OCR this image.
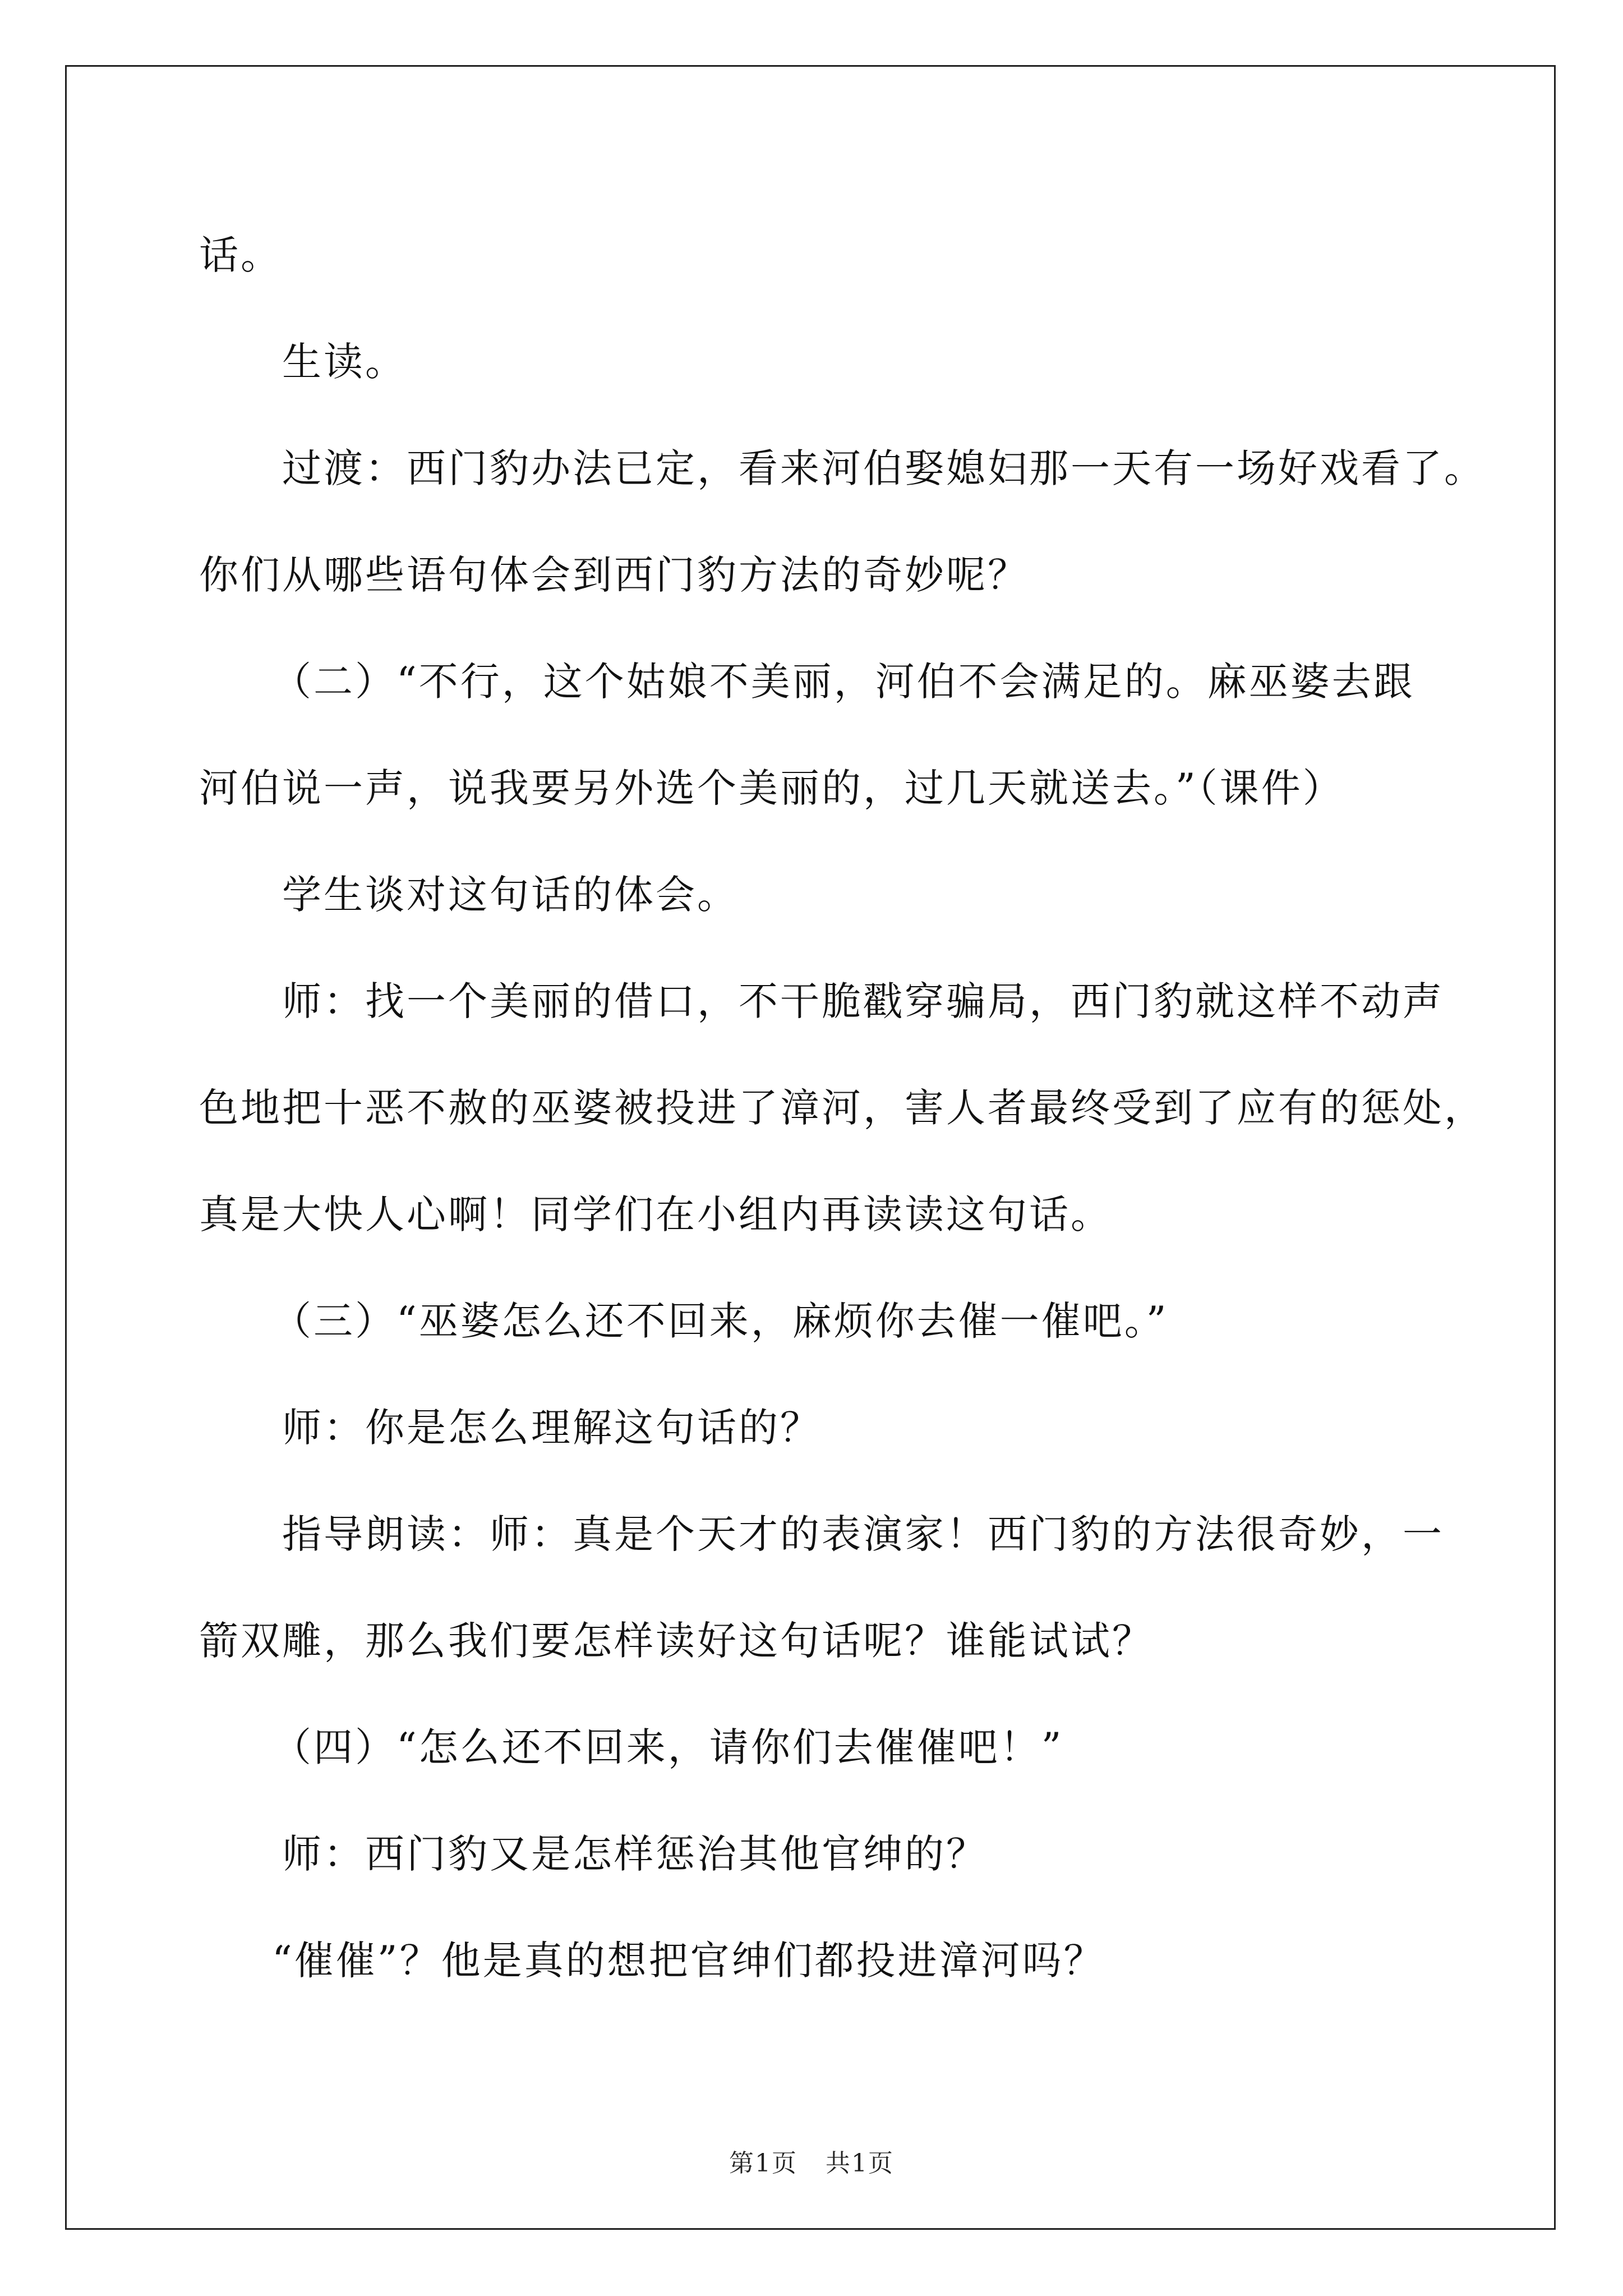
话。

生读。

过渡：西门豹办法已定，看来河伯娶媳妇那一天有一场好戏看了。

你们从哪些语句体会到西门豹方法的奇妙呢？

（二）“不行，这个姑娘不美丽，河伯不会满足的。麻巫婆去跟

河伯说一声，说我要另外选个美丽的，过几天就送去。”（课件）

学生谈对这句话的体会。

师：找一个美丽的借口，不干脆戳穿骗局，西门豹就这样不动声

色地把十恶不赦的巫婆被投进了漳河，害人者最终受到了应有的惩处，

真是大快人心啊！同学们在小组内再读读这句话。

（三）“巫婆怎么还不回来，麻烦你去催一催吧。”

师：你是怎么理解这句话的？

指导朗读：师：真是个天才的表演家！西门豹的方法很奇妙，一

箭双雕，那么我们要怎样读好这句话呢？谁能试试？

（四）“怎么还不回来，请你们去催催吧！”

师：西门豹又是怎样惩治其他官绅的？

“催催”？他是真的想把官绅们都投进漳河吗？

第1页 共1页
